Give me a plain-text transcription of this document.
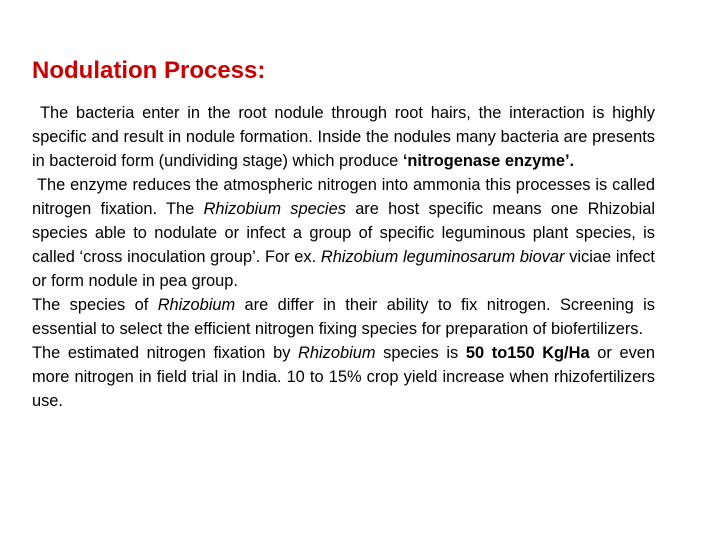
Nodulation Process:

The bacteria enter in the root nodule through root hairs, the interaction is highly specific and result in nodule formation. Inside the nodules many bacteria are presents in bacteroid form (undividing stage) which produce ‘nitrogenase enzyme’.

The enzyme reduces the atmospheric nitrogen into ammonia this processes is called nitrogen fixation. The Rhizobium species are host specific means one Rhizobial species able to nodulate or infect a group of specific leguminous plant species, is called ‘cross inoculation group’. For ex. Rhizobium leguminosarum biovar viciae infect or form nodule in pea group.

The species of Rhizobium are differ in their ability to fix nitrogen. Screening is essential to select the efficient nitrogen fixing species for preparation of biofertilizers.

The estimated nitrogen fixation by Rhizobium species is 50 to150 Kg/Ha or even more nitrogen in field trial in India. 10 to 15% crop yield increase when rhizofertilizers use.
